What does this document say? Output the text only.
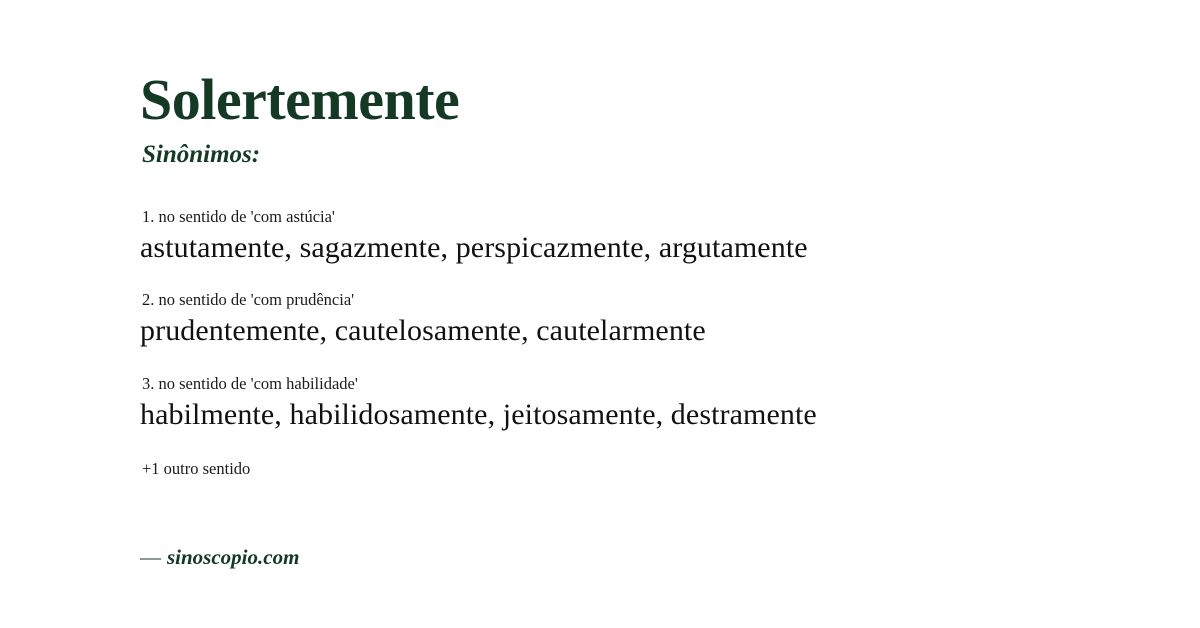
Solertemente
Sinônimos:
1. no sentido de 'com astúcia'
astutamente, sagazmente, perspicazmente, argutamente
2. no sentido de 'com prudência'
prudentemente, cautelosamente, cautelarmente
3. no sentido de 'com habilidade'
habilmente, habilidosamente, jeitosamente, destramente
+1 outro sentido
— sinoscopio.com
